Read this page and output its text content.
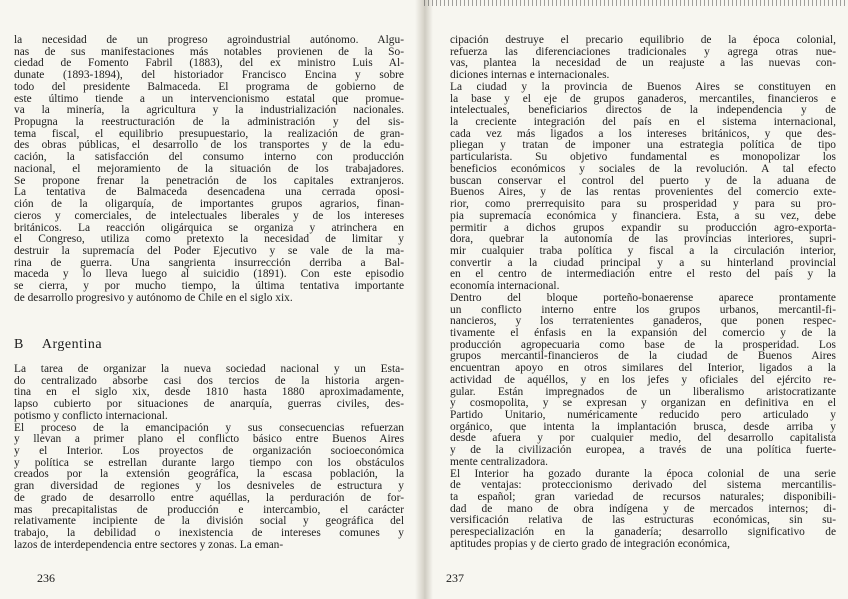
la necesidad de un progreso agroindustrial autónomo. Algu-
nas de sus manifestaciones más notables provienen de la So-
ciedad de Fomento Fabril (1883), del ex ministro Luis Al-
dunate (1893-1894), del historiador Francisco Encina y sobre
todo del presidente Balmaceda. El programa de gobierno de
este último tiende a un intervencionismo estatal que promue-
va la minería, la agricultura y la industrialización nacionales.
Propugna la reestructuración de la administración y del sis-
tema fiscal, el equilibrio presupuestario, la realización de gran-
des obras públicas, el desarrollo de los transportes y de la edu-
cación, la satisfacción del consumo interno con producción
nacional, el mejoramiento de la situación de los trabajadores.
Se propone frenar la penetración de los capitales extranjeros.
La tentativa de Balmaceda desencadena una cerrada oposi-
ción de la oligarquía, de importantes grupos agrarios, finan-
cieros y comerciales, de intelectuales liberales y de los intereses
británicos. La reacción oligárquica se organiza y atrinchera en
el Congreso, utiliza como pretexto la necesidad de limitar y
destruir la supremacía del Poder Ejecutivo y se vale de la ma-
rina de guerra. Una sangrienta insurrección derriba a Bal-
maceda y lo lleva luego al suicidio (1891). Con este episodio
se cierra, y por mucho tiempo, la última tentativa importante
de desarrollo progresivo y autónomo de Chile en el siglo xix.
B Argentina
La tarea de organizar la nueva sociedad nacional y un Esta-
do centralizado absorbe casi dos tercios de la historia argen-
tina en el siglo xix, desde 1810 hasta 1880 aproximadamente,
lapso cubierto por situaciones de anarquía, guerras civiles, des-
potismo y conflicto internacional.
El proceso de la emancipación y sus consecuencias refuerzan
y llevan a primer plano el conflicto básico entre Buenos Aires
y el Interior. Los proyectos de organización socioeconómica
y política se estrellan durante largo tiempo con los obstáculos
creados por la extensión geográfica, la escasa población, la
gran diversidad de regiones y los desniveles de estructura y
de grado de desarrollo entre aquéllas, la perduración de for-
mas precapitalistas de producción e intercambio, el carácter
relativamente incipiente de la división social y geográfica del
trabajo, la debilidad o inexistencia de intereses comunes y
lazos de interdependencia entre sectores y zonas. La eman-
236
cipación destruye el precario equilibrio de la época colonial,
refuerza las diferenciaciones tradicionales y agrega otras nue-
vas, plantea la necesidad de un reajuste a las nuevas con-
diciones internas e internacionales.
La ciudad y la provincia de Buenos Aires se constituyen en
la base y el eje de grupos ganaderos, mercantiles, financieros e
intelectuales, beneficiarios directos de la independencia y de
la creciente integración del país en el sistema internacional,
cada vez más ligados a los intereses británicos, y que des-
pliegan y tratan de imponer una estrategia política de tipo
particularista. Su objetivo fundamental es monopolizar los
beneficios económicos y sociales de la revolución. A tal efecto
buscan conservar el control del puerto y de la aduana de
Buenos Aires, y de las rentas provenientes del comercio exte-
rior, como prerrequisito para su prosperidad y para su pro-
pia supremacía económica y financiera. Ésta, a su vez, debe
permitir a dichos grupos expandir su producción agro-exporta-
dora, quebrar la autonomía de las provincias interiores, supri-
mir cualquier traba política y fiscal a la circulación interior,
convertir a la ciudad principal y a su hinterland provincial
en el centro de intermediación entre el resto del país y la
economía internacional.
Dentro del bloque porteño-bonaerense aparece prontamente
un conflicto interno entre los grupos urbanos, mercantil-fi-
nancieros, y los terratenientes ganaderos, que ponen respec-
tivamente el énfasis en la expansión del comercio y de la
producción agropecuaria como base de la prosperidad. Los
grupos mercantil-financieros de la ciudad de Buenos Aires
encuentran apoyo en otros similares del Interior, ligados a la
actividad de aquéllos, y en los jefes y oficiales del ejército re-
gular. Están impregnados de un liberalismo aristocratizante
y cosmopolita, y se expresan y organizan en definitiva en el
Partido Unitario, numéricamente reducido pero articulado y
orgánico, que intenta la implantación brusca, desde arriba y
desde afuera y por cualquier medio, del desarrollo capitalista
y de la civilización europea, a través de una política fuerte-
mente centralizadora.
El Interior ha gozado durante la época colonial de una serie
de ventajas: proteccionismo derivado del sistema mercantilis-
ta español; gran variedad de recursos naturales; disponibili-
dad de mano de obra indígena y de mercados internos; di-
versificación relativa de las estructuras económicas, sin su-
perespecialización en la ganadería; desarrollo significativo de
aptitudes propias y de cierto grado de integración económica,
237
